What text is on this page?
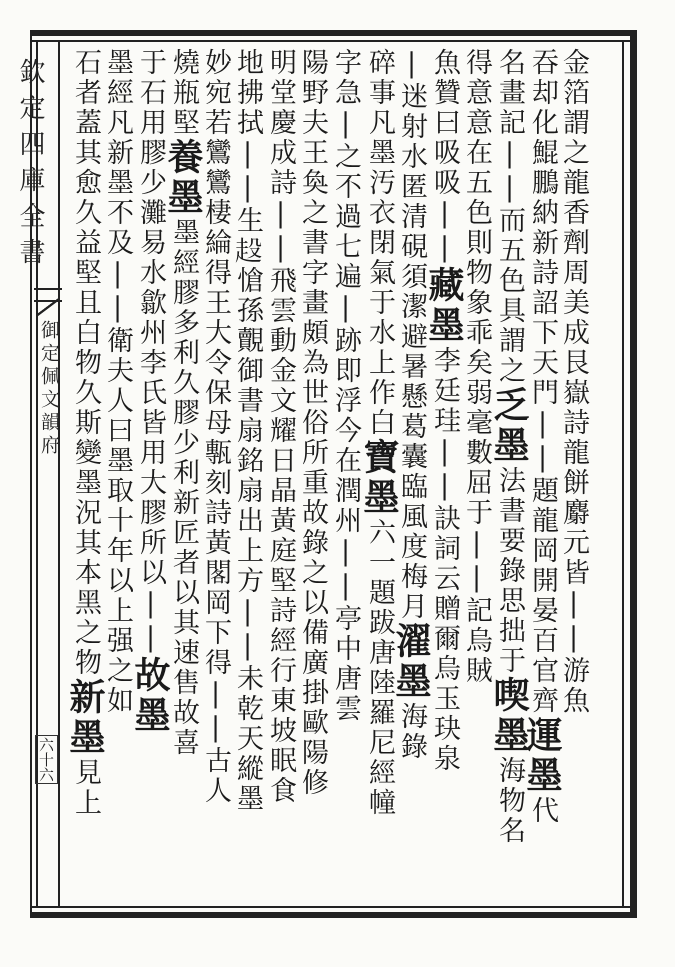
欽定四庫全書
御定佩文韻府
六十六
金箔謂之龍香劑周美成艮嶽詩龍餅麝元皆||游魚
吞却化鯤鵬納新詩詔下天門||題龍岡開晏百官齊運墨代
名畫記||而五色具謂之乏墨法書要錄思拙于喫墨海物名
得意意在五色則物象乖矣弱毫數屈于||記烏賊
魚贊曰吸吸||藏墨李廷珪||訣詞云贈爾烏玉玦泉
|迷射水匿清硯須潔避暑懸葛囊臨風度梅月濯墨海錄
碎事凡墨汚衣閉氣于水上作白寶墨六一題跋唐陸羅尼經幢
字急|之不過七遍|跡即浮今在潤州||亭中唐雲
陽野夫王奐之書字畫頗為世俗所重故錄之以備廣掛歐陽修
明堂慶成詩||飛雲動金文耀日晶黃庭堅詩經行東坡眠食
地拂拭||生𧺢愴孫覿御書扇銘扇出上方||未乾天縱墨
妙宛若鸞鸞棲綸得王大令保母甎刻詩黃閣岡下得||古人
燒瓶堅養墨墨經膠多利久膠少利新匠者以其速售故喜
于石用膠少灘易水歙州李氏皆用大膠所以||故墨
墨經凡新墨不及||衛夫人曰墨取十年以上强之如
石者蓋其愈久益堅且白物久斯變墨況其本黑之物新墨見上
